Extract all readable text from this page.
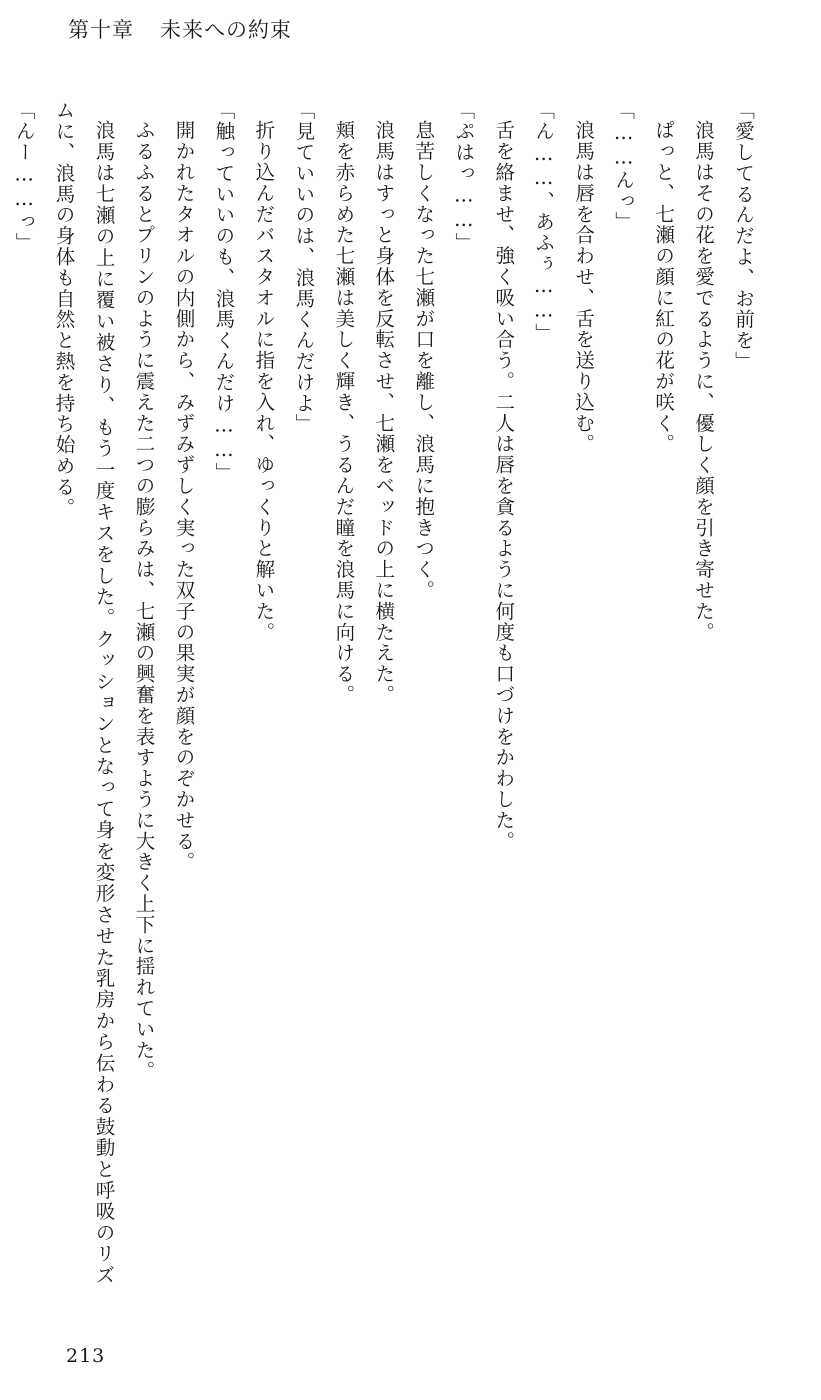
第十章 未来への約束

「愛してるんだよ、お前を」

浪馬はその花を愛でるように、優しく顔を引き寄せた。

ぱっと、七瀬の顔に紅の花が咲く。

「……んっ」

浪馬は唇を合わせ、舌を送り込む。

「ん……、あふぅ……」

舌を絡ませ、強く吸い合う。二人は唇を貪るように何度も口づけをかわした。

「ぷはっ……」

息苦しくなった七瀬が口を離し、浪馬に抱きつく。

浪馬はすっと身体を反転させ、七瀬をベッドの上に横たえた。

頬を赤らめた七瀬は美しく輝き、うるんだ瞳を浪馬に向ける。

「見ていいのは、浪馬くんだけよ」

折り込んだバスタオルに指を入れ、ゆっくりと解いた。

「触っていいのも、浪馬くんだけ……」

開かれたタオルの内側から、みずみずしく実った双子の果実が顔をのぞかせる。

ふるふるとプリンのように震えた二つの膨らみは、七瀬の興奮を表すように大きく上下に揺れていた。

浪馬は七瀬の上に覆い被さり、もう一度キスをした。クッションとなって身を変形させた乳房から伝わる鼓動と呼吸のリズムに、浪馬の身体も自然と熱を持ち始める。

「んー……っ」

213
